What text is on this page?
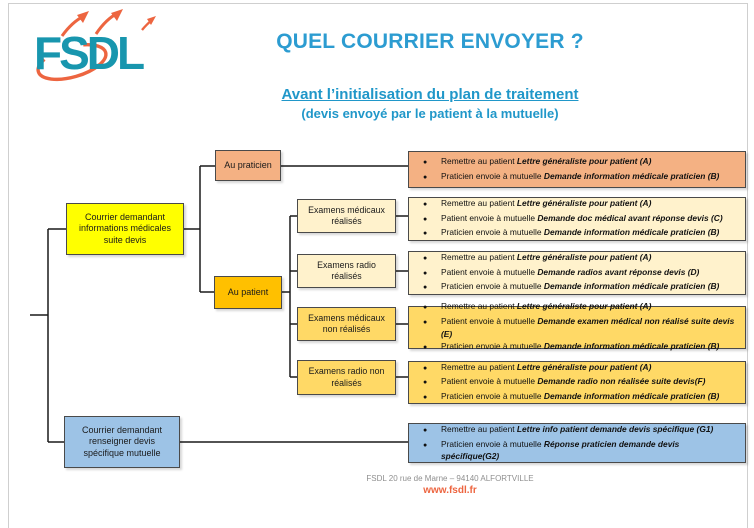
FSDL	QUEL COURRIER ENVOYER ?
Avant l’initialisation du plan de traitement
(devis envoyé par le patient à la mutuelle)
Courrier demandant informations médicales suite devis
Courrier demandant renseigner devis spécifique mutuelle
Au praticien
Au patient
Examens médicaux réalisés
Examens radio réalisés
Examens médicaux non réalisés
Examens radio non réalisés
●	Remettre au patient Lettre généraliste pour patient (A)
●	Praticien envoie à mutuelle Demande information médicale praticien (B)
●	Remettre au patient Lettre généraliste pour patient (A)
●	Patient envoie à mutuelle Demande doc médical avant réponse devis (C)
●	Praticien envoie à mutuelle Demande information médicale praticien (B)
●	Remettre au patient Lettre généraliste pour patient (A)
●	Patient envoie à mutuelle Demande radios avant réponse devis (D)
●	Praticien envoie à mutuelle Demande information médicale praticien (B)
●	Remettre au patient Lettre généraliste pour patient (A)
●	Patient envoie à mutuelle Demande examen médical non réalisé suite devis (E)
●	Praticien envoie à mutuelle Demande information médicale praticien (B)
●	Remettre au patient Lettre généraliste pour patient (A)
●	Patient envoie à mutuelle Demande radio non réalisée suite devis(F)
●	Praticien envoie à mutuelle Demande information médicale praticien (B)
●	Remettre au patient Lettre info patient demande devis spécifique (G1)
●	Praticien envoie à mutuelle Réponse praticien demande devis spécifique(G2)
FSDL 20 rue de Marne – 94140 ALFORTVILLE
www.fsdl.fr
